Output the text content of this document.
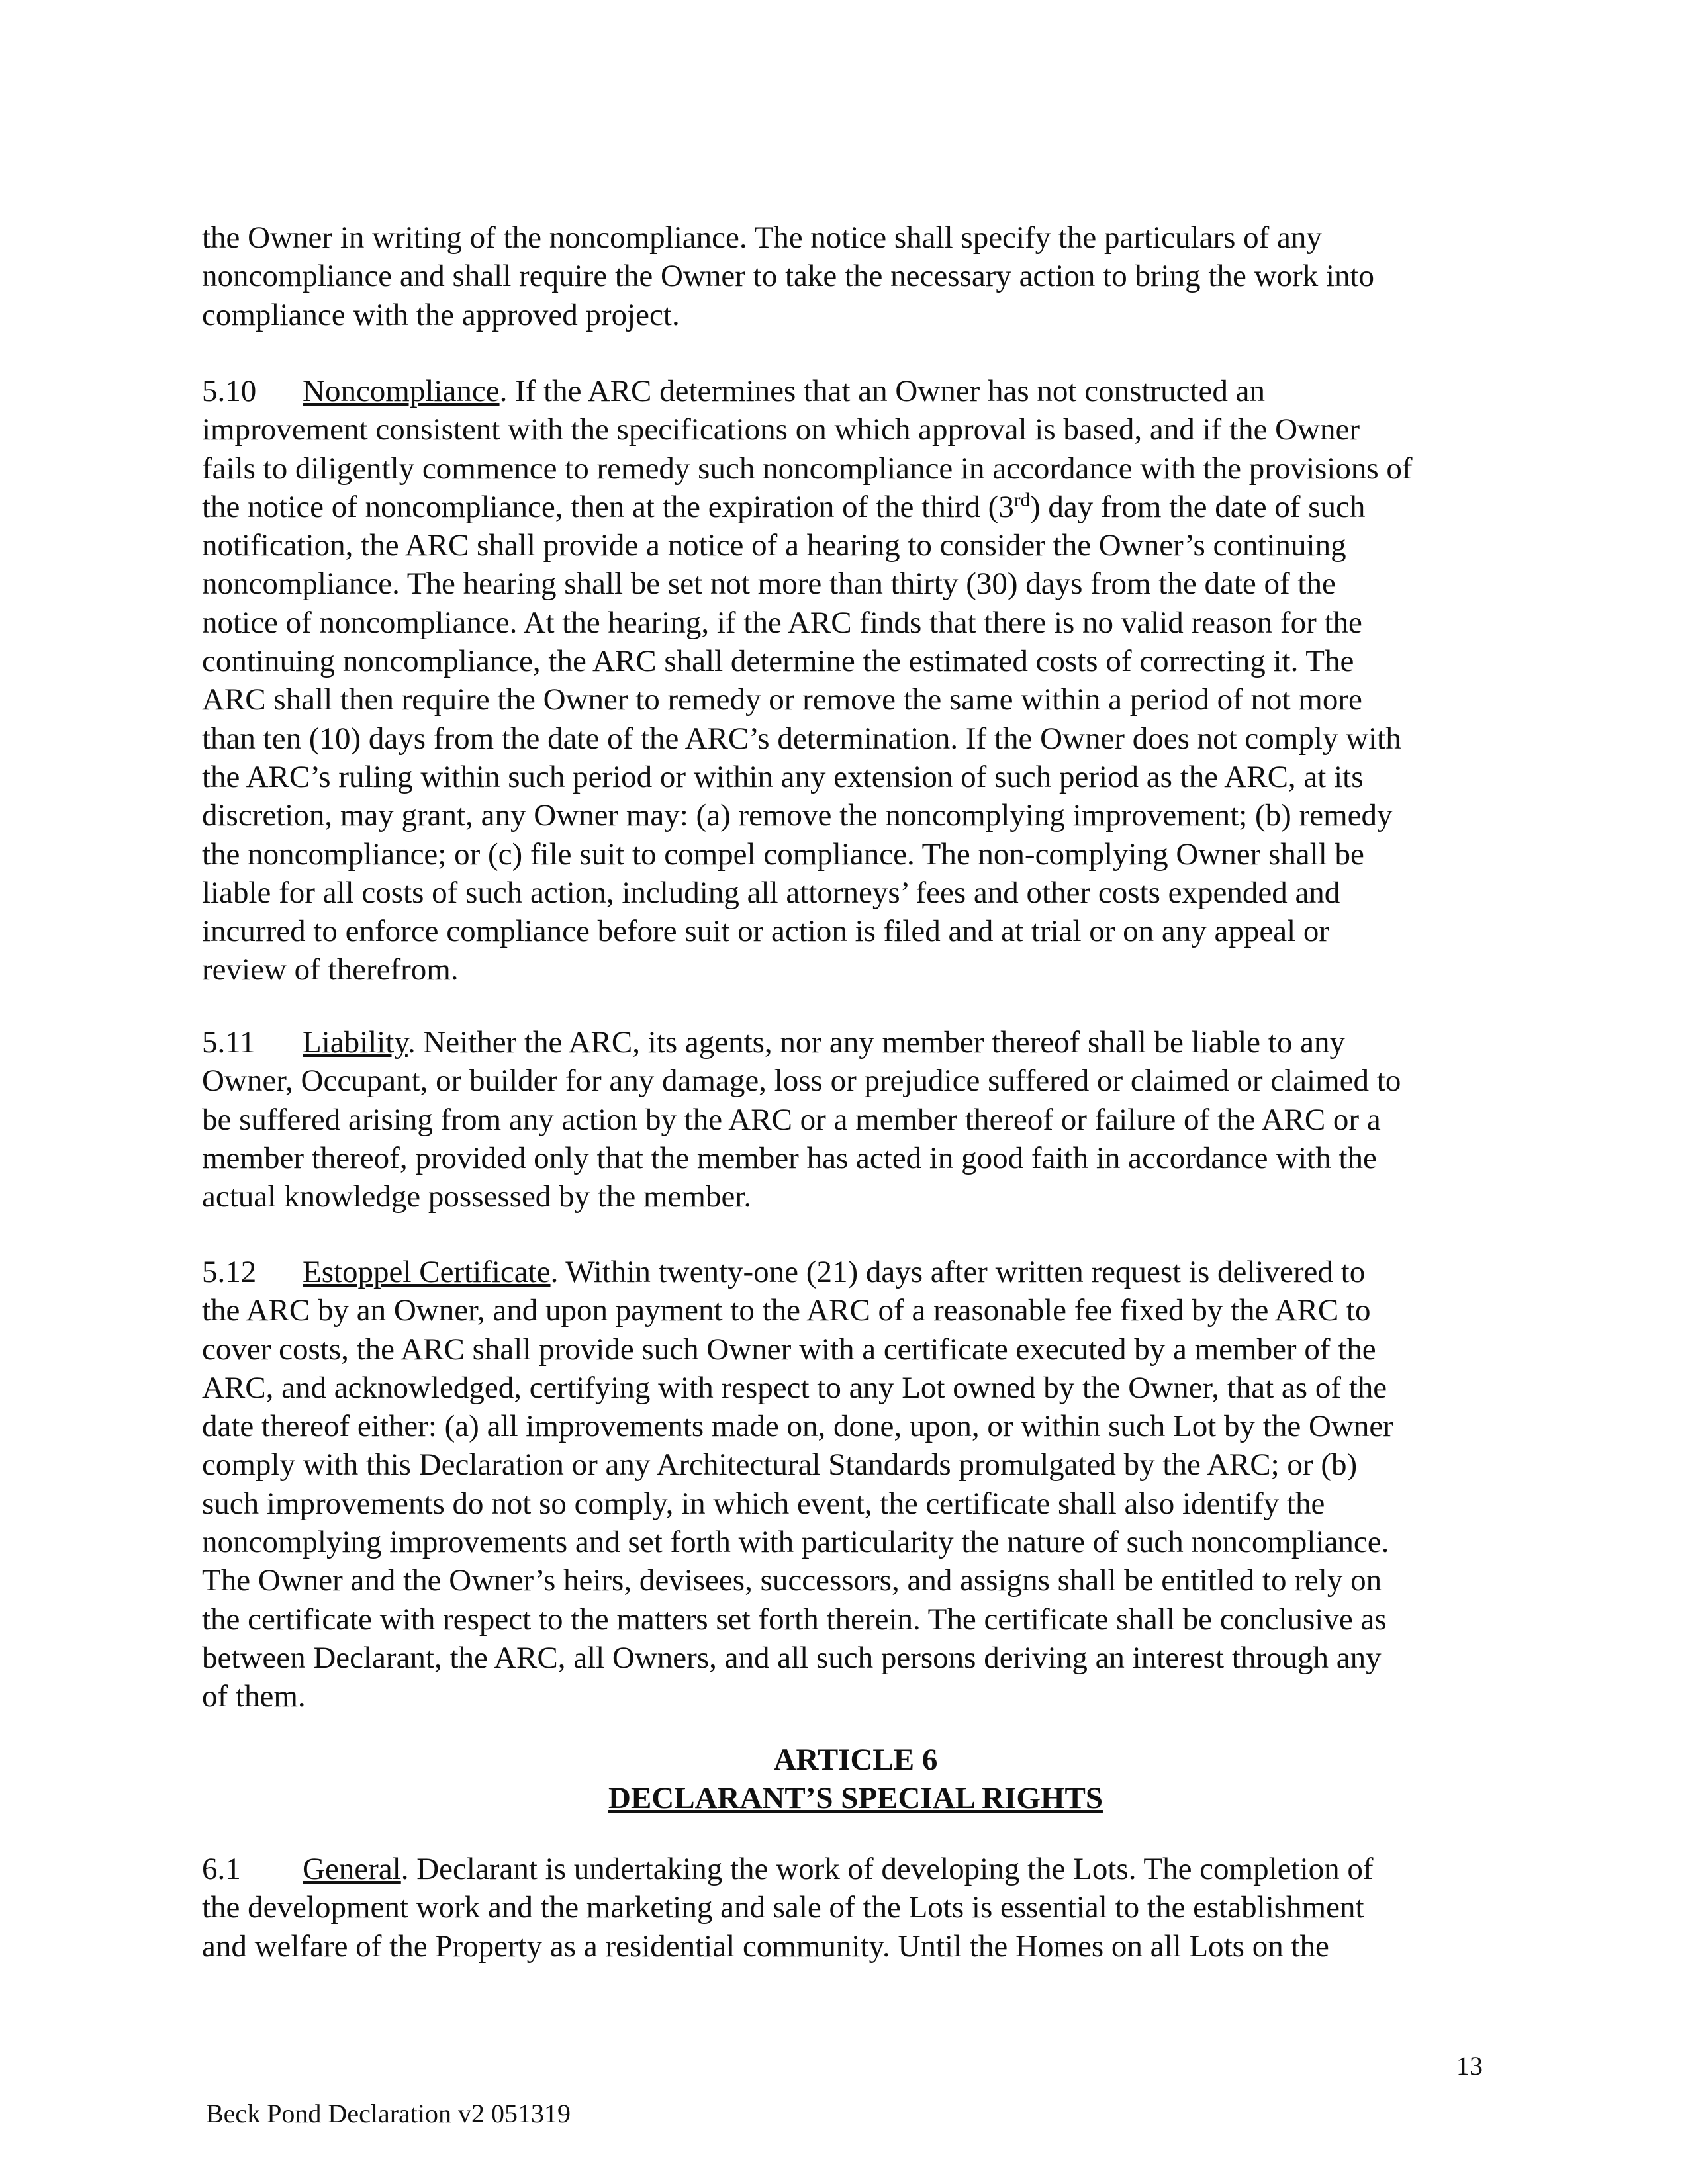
the Owner in writing of the noncompliance. The notice shall specify the particulars of any
noncompliance and shall require the Owner to take the necessary action to bring the work into
compliance with the approved project.
5.10 Noncompliance. If the ARC determines that an Owner has not constructed an
improvement consistent with the specifications on which approval is based, and if the Owner
fails to diligently commence to remedy such noncompliance in accordance with the provisions of
the notice of noncompliance, then at the expiration of the third (3rd) day from the date of such
notification, the ARC shall provide a notice of a hearing to consider the Owner’s continuing
noncompliance. The hearing shall be set not more than thirty (30) days from the date of the
notice of noncompliance. At the hearing, if the ARC finds that there is no valid reason for the
continuing noncompliance, the ARC shall determine the estimated costs of correcting it. The
ARC shall then require the Owner to remedy or remove the same within a period of not more
than ten (10) days from the date of the ARC’s determination. If the Owner does not comply with
the ARC’s ruling within such period or within any extension of such period as the ARC, at its
discretion, may grant, any Owner may: (a) remove the noncomplying improvement; (b) remedy
the noncompliance; or (c) file suit to compel compliance. The non-complying Owner shall be
liable for all costs of such action, including all attorneys’ fees and other costs expended and
incurred to enforce compliance before suit or action is filed and at trial or on any appeal or
review of therefrom.
5.11 Liability. Neither the ARC, its agents, nor any member thereof shall be liable to any
Owner, Occupant, or builder for any damage, loss or prejudice suffered or claimed or claimed to
be suffered arising from any action by the ARC or a member thereof or failure of the ARC or a
member thereof, provided only that the member has acted in good faith in accordance with the
actual knowledge possessed by the member.
5.12 Estoppel Certificate. Within twenty-one (21) days after written request is delivered to
the ARC by an Owner, and upon payment to the ARC of a reasonable fee fixed by the ARC to
cover costs, the ARC shall provide such Owner with a certificate executed by a member of the
ARC, and acknowledged, certifying with respect to any Lot owned by the Owner, that as of the
date thereof either: (a) all improvements made on, done, upon, or within such Lot by the Owner
comply with this Declaration or any Architectural Standards promulgated by the ARC; or (b)
such improvements do not so comply, in which event, the certificate shall also identify the
noncomplying improvements and set forth with particularity the nature of such noncompliance.
The Owner and the Owner’s heirs, devisees, successors, and assigns shall be entitled to rely on
the certificate with respect to the matters set forth therein. The certificate shall be conclusive as
between Declarant, the ARC, all Owners, and all such persons deriving an interest through any
of them.
ARTICLE 6
DECLARANT’S SPECIAL RIGHTS
6.1 General. Declarant is undertaking the work of developing the Lots. The completion of
the development work and the marketing and sale of the Lots is essential to the establishment
and welfare of the Property as a residential community. Until the Homes on all Lots on the
13
Beck Pond Declaration v2 051319
